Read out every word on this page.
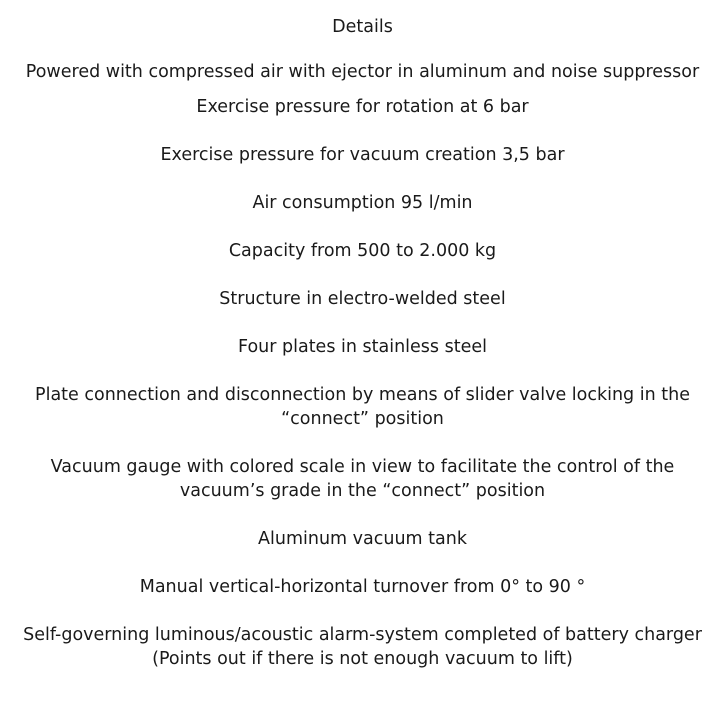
Details
Powered with compressed air with ejector in aluminum and noise suppressor
Exercise pressure for rotation at 6 bar
Exercise pressure for vacuum creation 3,5 bar
Air consumption 95 l/min
Capacity from 500 to 2.000 kg
Structure in electro-welded steel
Four plates in stainless steel
Plate connection and disconnection by means of slider valve locking in the “connect” position
Vacuum gauge with colored scale in view to facilitate the control of the vacuum’s grade in the “connect” position
Aluminum vacuum tank
Manual vertical-horizontal turnover from 0° to 90 °
Self-governing luminous/acoustic alarm-system completed of battery charger (Points out if there is not enough vacuum to lift)
